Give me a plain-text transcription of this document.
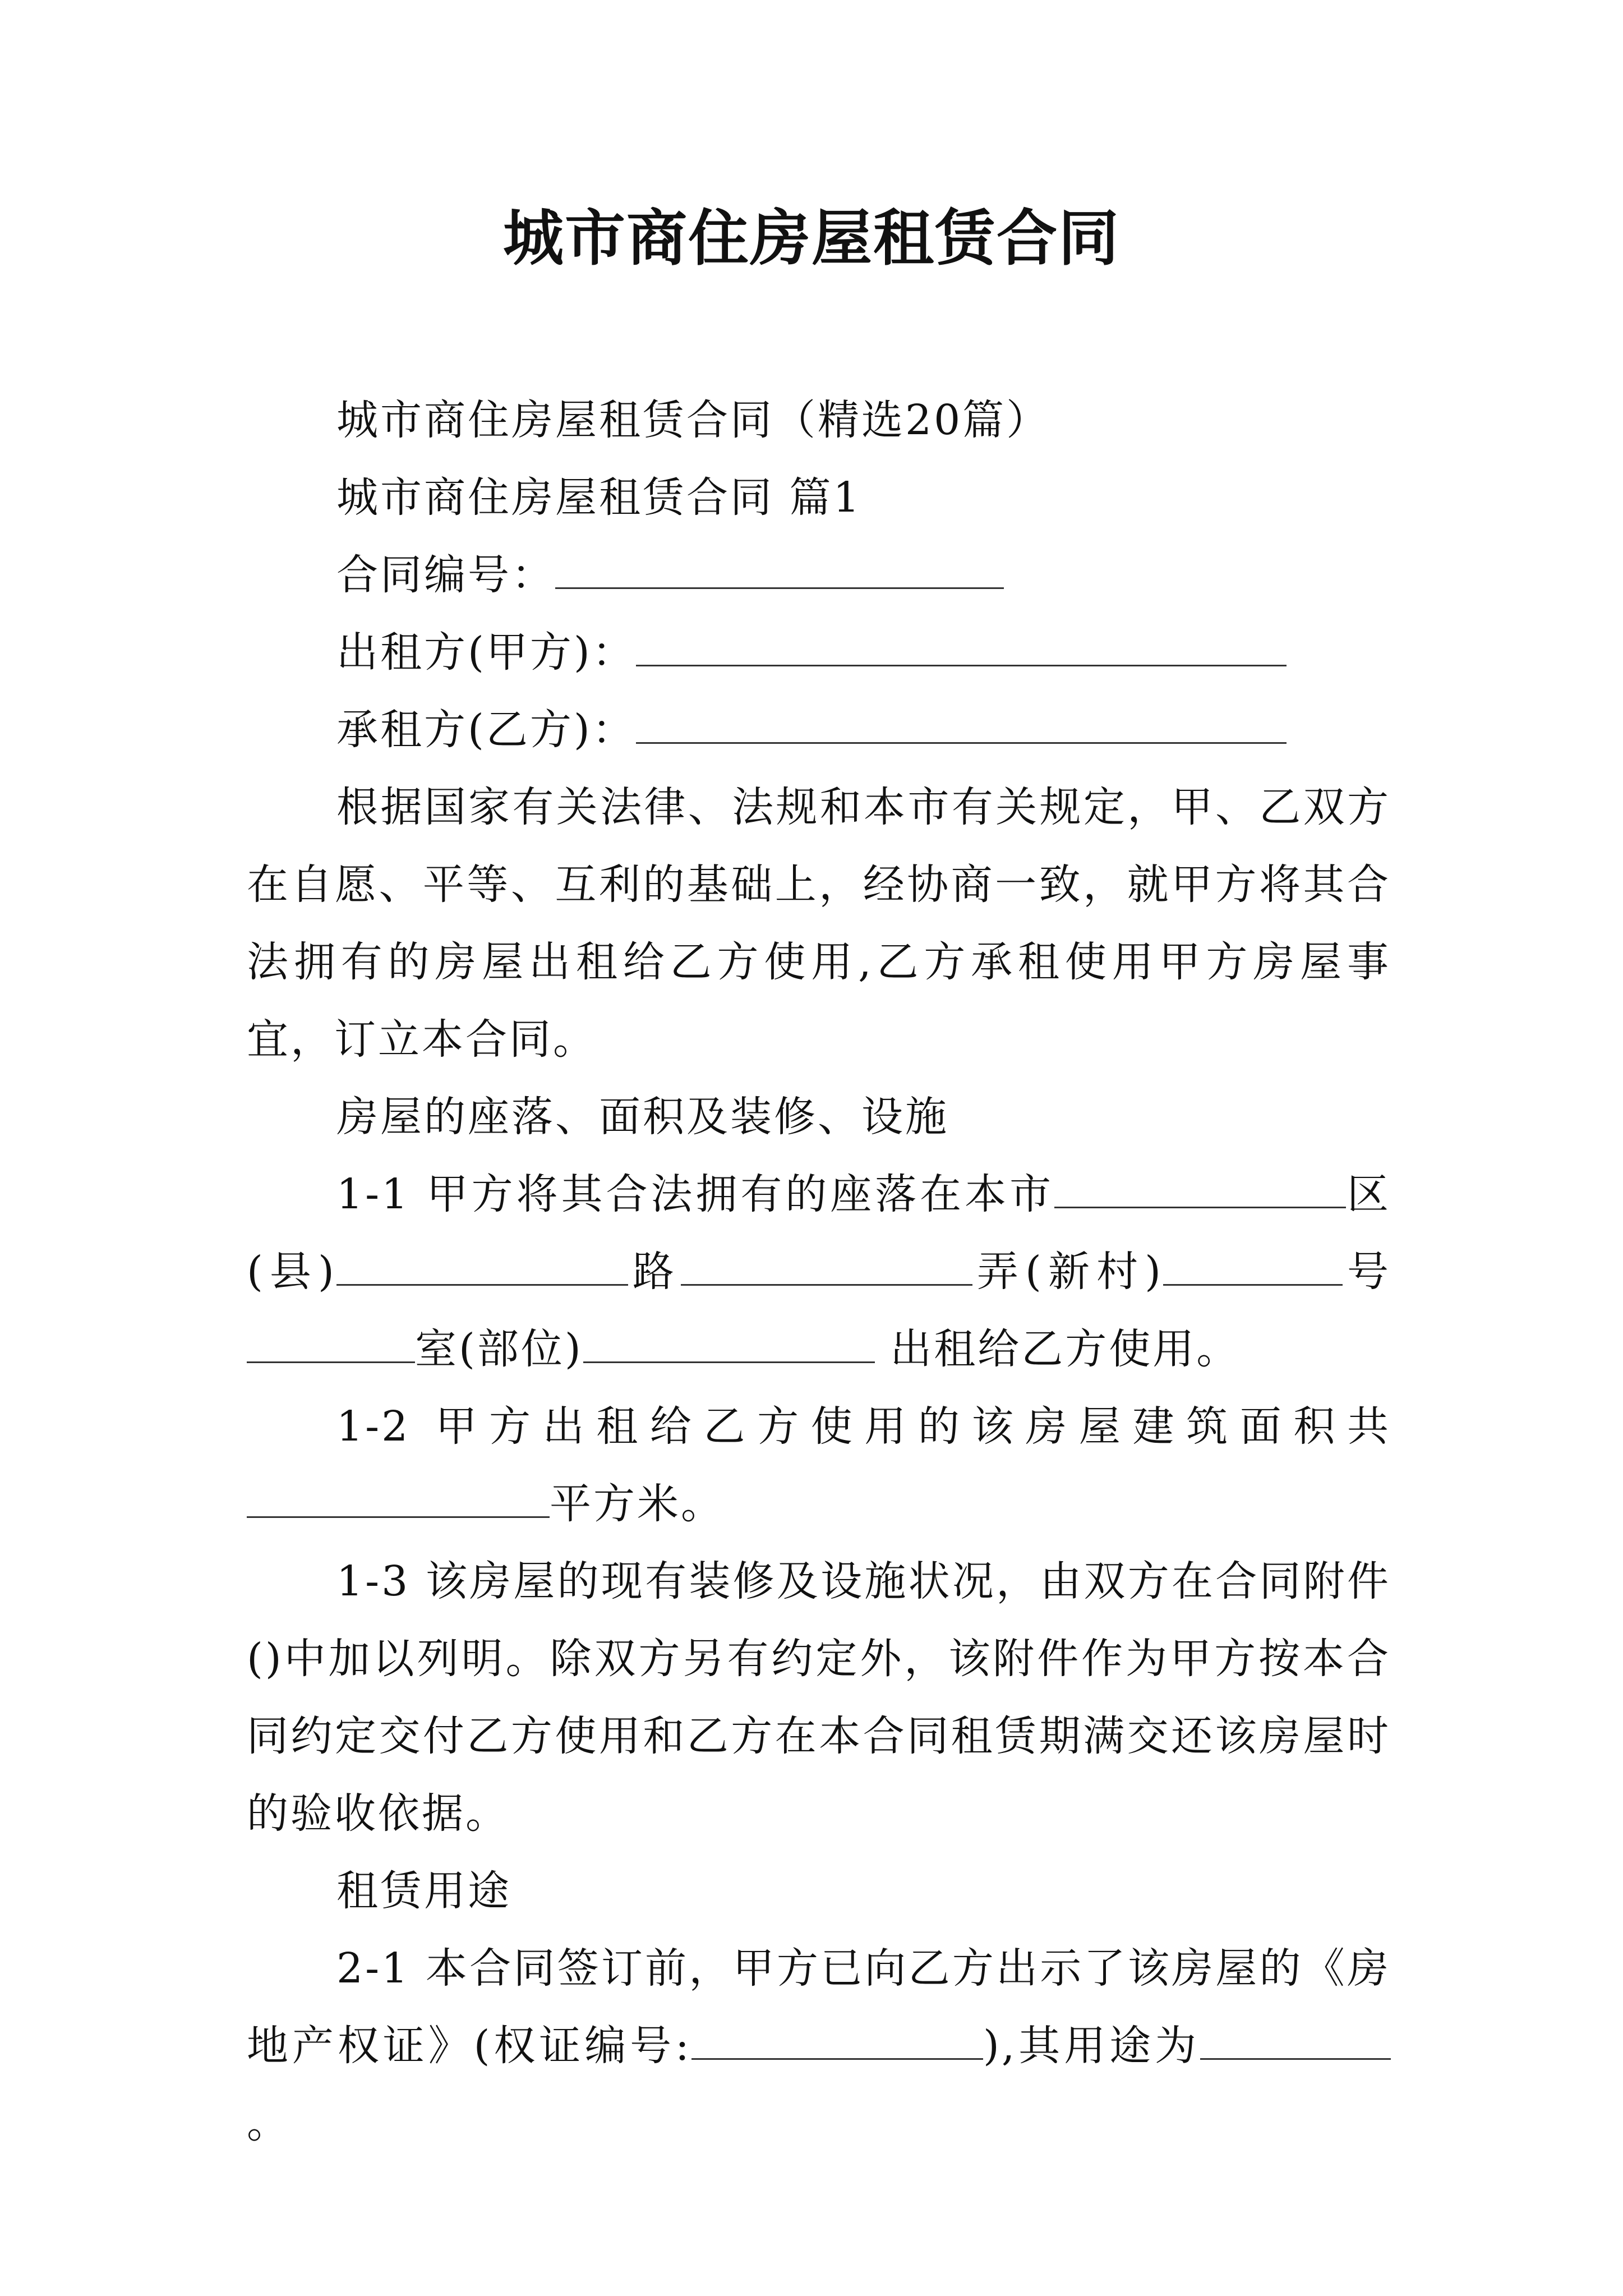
城市商住房屋租赁合同

城市商住房屋租赁合同（精选20篇）

城市商住房屋租赁合同 篇1

合同编号：

出租方(甲方)：

承租方(乙方)：

根据国家有关法律、法规和本市有关规定，甲、乙双方在自愿、平等、互利的基础上，经协商一致，就甲方将其合法拥有的房屋出租给乙方使用,乙方承租使用甲方房屋事宜，订立本合同。

房屋的座落、面积及装修、设施

1-1 甲方将其合法拥有的座落在本市	区(县)	路	弄(新村)	号室(部位)	出租给乙方使用。

1-2 甲方出租给乙方使用的该房屋建筑面积共平方米。

1-3 该房屋的现有装修及设施状况，由双方在合同附件()中加以列明。除双方另有约定外，该附件作为甲方按本合同约定交付乙方使用和乙方在本合同租赁期满交还该房屋时的验收依据。

租赁用途

2-1 本合同签订前，甲方已向乙方出示了该房屋的《房地产权证》(权证编号:	),其用途为。
